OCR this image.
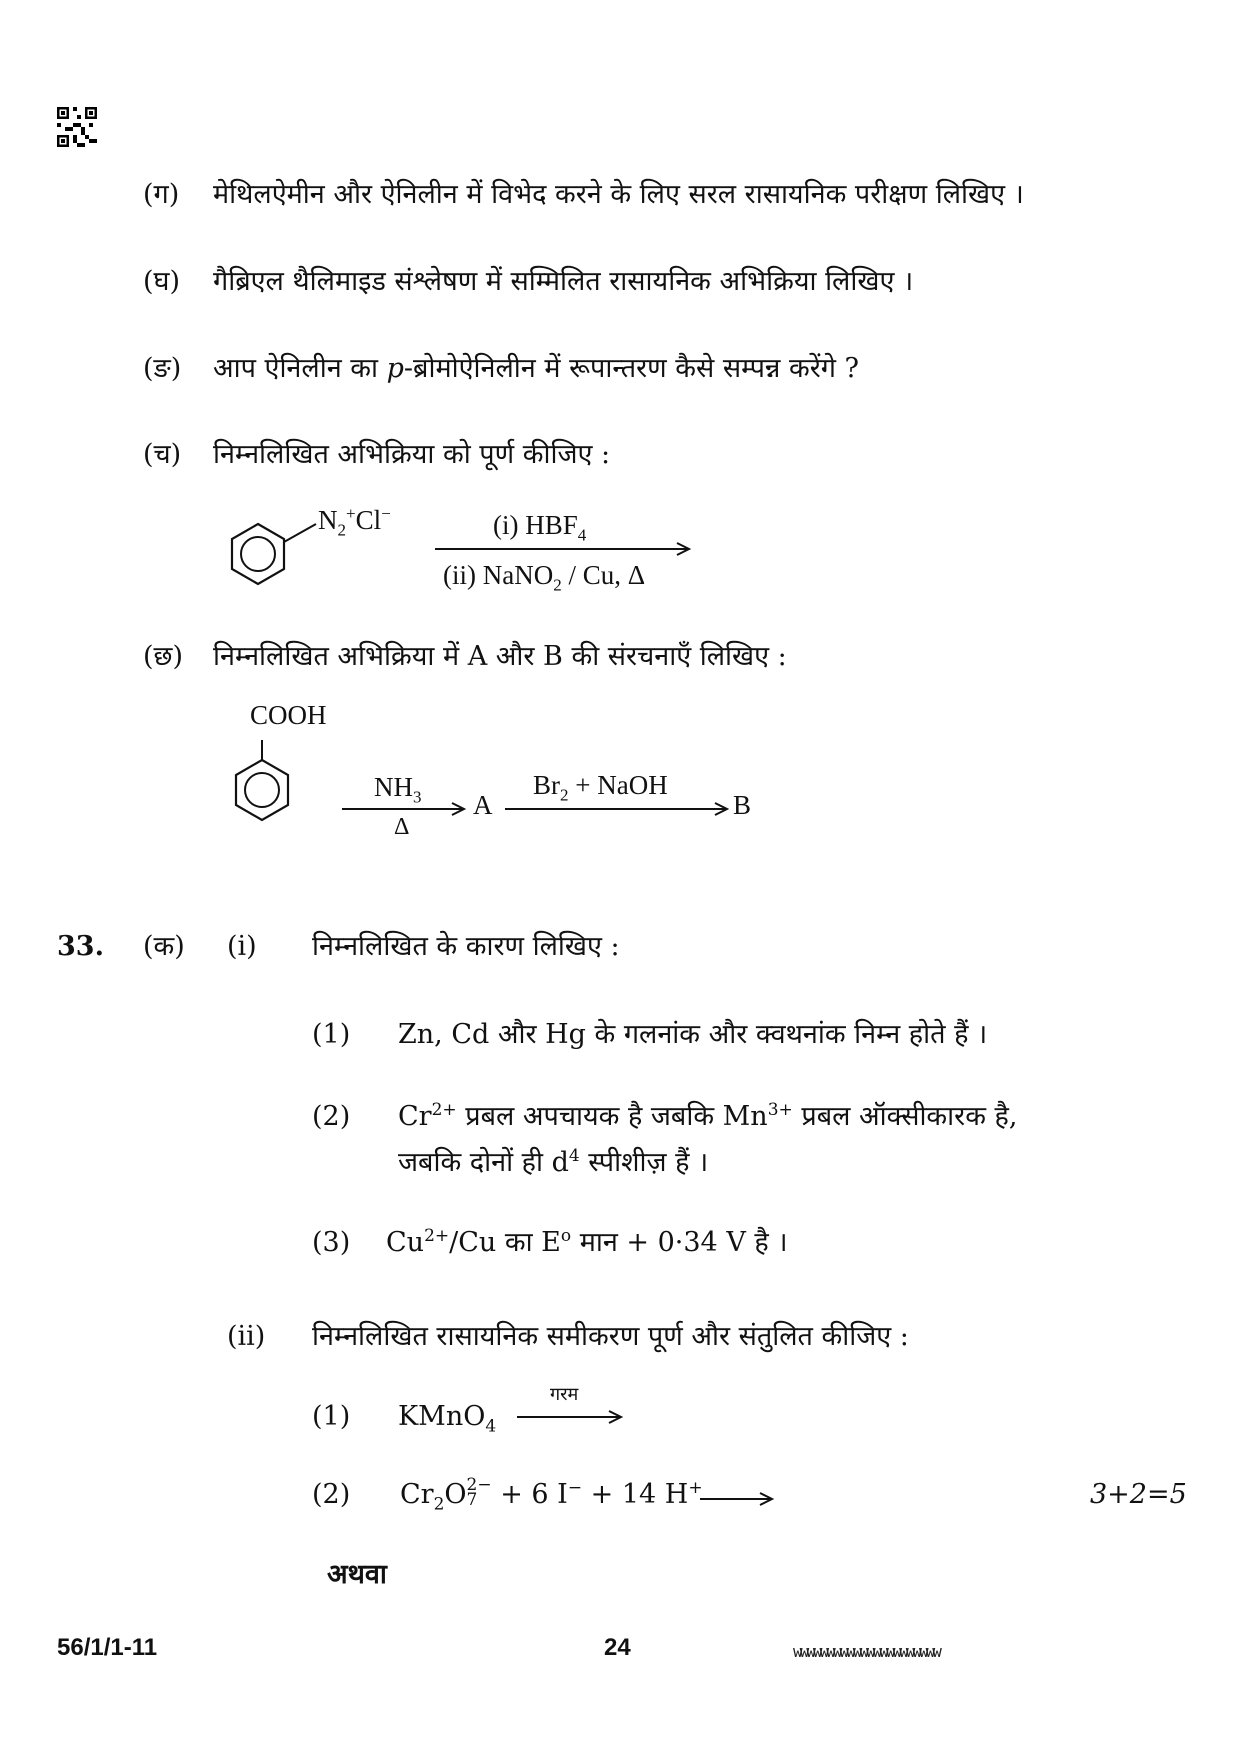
(ग) मेथिलऐमीन और ऐनिलीन में विभेद करने के लिए सरल रासायनिक परीक्षण लिखिए ।
(घ) गैब्रिएल थैलिमाइड संश्लेषण में सम्मिलित रासायनिक अभिक्रिया लिखिए ।
(ङ) आप ऐनिलीन का p-ब्रोमोऐनिलीन में रूपान्तरण कैसे सम्पन्न करेंगे ?
(च) निम्नलिखित अभिक्रिया को पूर्ण कीजिए :
$N_2^+Cl^-$	(i) $HBF_4$
(ii) NaNO$_2$ / Cu, Δ
(छ) निम्नलिखित अभिक्रिया में A और B की संरचनाएँ लिखिए :
COOH
$NH_3$
Δ
A
$Br_2$ + NaOH
B
33. (क) (i) निम्नलिखित के कारण लिखिए :
(1) Zn, Cd और Hg के गलनांक और क्वथनांक निम्न होते हैं ।
(2) $Cr^{2+}$ प्रबल अपचायक है जबकि $Mn^{3+}$ प्रबल ऑक्सीकारक है,
जबकि दोनों ही $d^4$ स्पीशीज़ हैं ।
(3) $Cu^{2+}/Cu$ का $E^o$ मान + 0·34 V है ।
(ii) निम्नलिखित रासायनिक समीकरण पूर्ण और संतुलित कीजिए :
(1) KMnO$_4$
गरम
(2) $Cr_2O$ 2−
7 + 6 I− + 14 H+	3+2=5
अथवा
56/1/1-11	24	wwwwwwwwwwwwwwwwwwwwww
